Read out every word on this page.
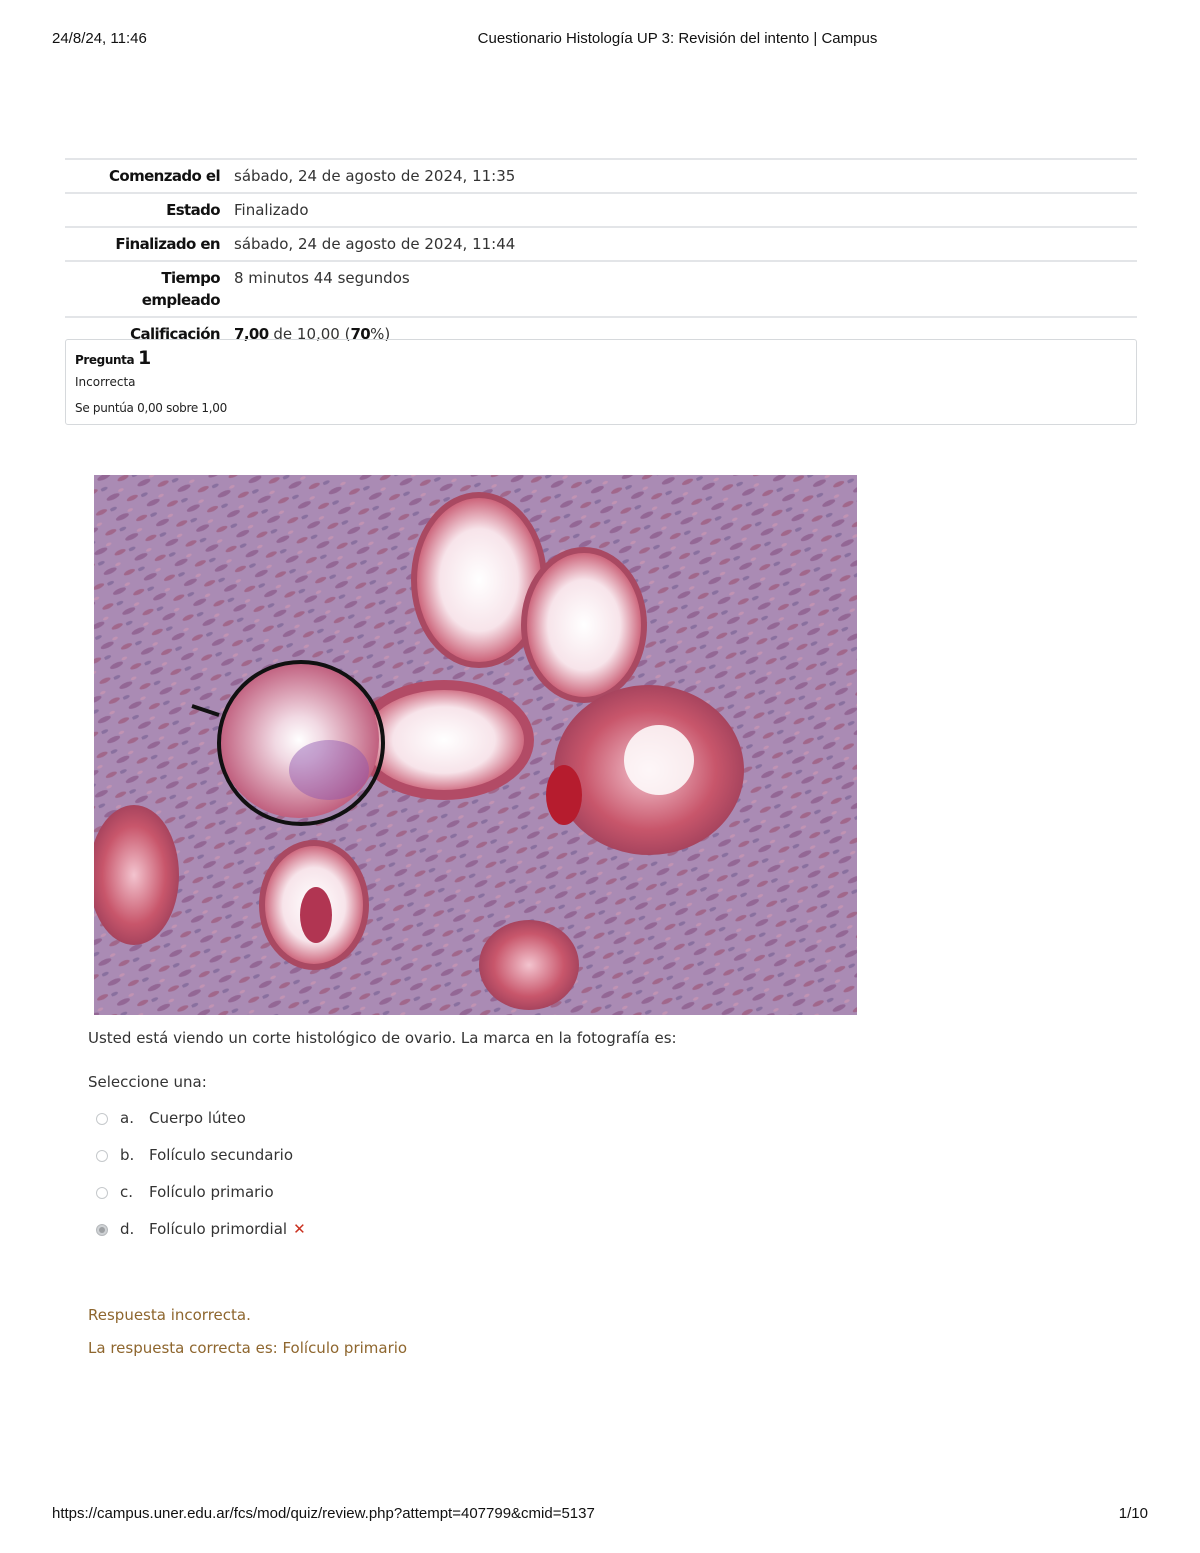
24/8/24, 11:46	Cuestionario Histología UP 3: Revisión del intento | Campus
Comenzado el	sábado, 24 de agosto de 2024, 11:35
Estado	Finalizado
Finalizado en	sábado, 24 de agosto de 2024, 11:44
Tiempo
empleado	8 minutos 44 segundos
Calificación	7,00 de 10,00 (70%)
Pregunta 1
Incorrecta
Se puntúa 0,00 sobre 1,00
Usted está viendo un corte histológico de ovario. La marca en la fotografía es:
Seleccione una:
a. Cuerpo lúteo
b. Folículo secundario
c. Folículo primario
d. Folículo primordial ✕
Respuesta incorrecta.
La respuesta correcta es: Folículo primario
https://campus.uner.edu.ar/fcs/mod/quiz/review.php?attempt=407799&cmid=5137	1/10
